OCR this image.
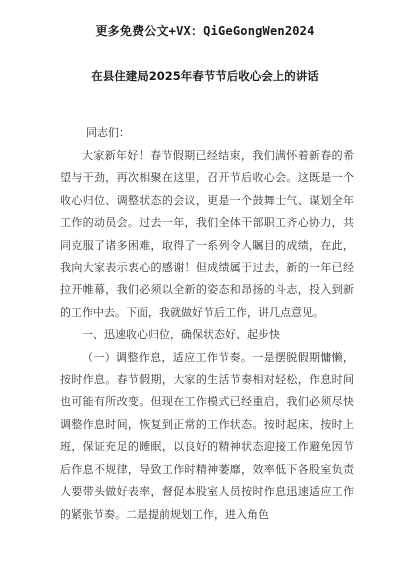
更多免费公文+VX：QiGeGongWen2024
在县住建局2025年春节节后收心会上的讲话
同志们：

大家新年好！春节假期已经结束，我们满怀着新春的希望与干劲，再次相聚在这里，召开节后收心会。这既是一个收心归位、调整状态的会议，更是一个鼓舞士气、谋划全年工作的动员会。过去一年，我们全体干部职工齐心协力，共同克服了诸多困难，取得了一系列令人瞩目的成绩，在此，我向大家表示衷心的感谢！但成绩属于过去，新的一年已经拉开帷幕，我们必须以全新的姿态和昂扬的斗志，投入到新的工作中去。下面，我就做好节后工作，讲几点意见。

一、迅速收心归位，确保状态好、起步快

（一）调整作息，适应工作节奏。一是摆脱假期慵懒，按时作息。春节假期，大家的生活节奏相对轻松，作息时间也可能有所改变。但现在工作模式已经重启，我们必须尽快调整作息时间，恢复到正常的工作状态。按时起床、按时上班，保证充足的睡眠，以良好的精神状态迎接工作避免因节后作息不规律，导致工作时精神萎靡，效率低下各股室负责人要带头做好表率，督促本股室人员按时作息迅速适应工作的紧张节奏。二是提前规划工作，进入角色
